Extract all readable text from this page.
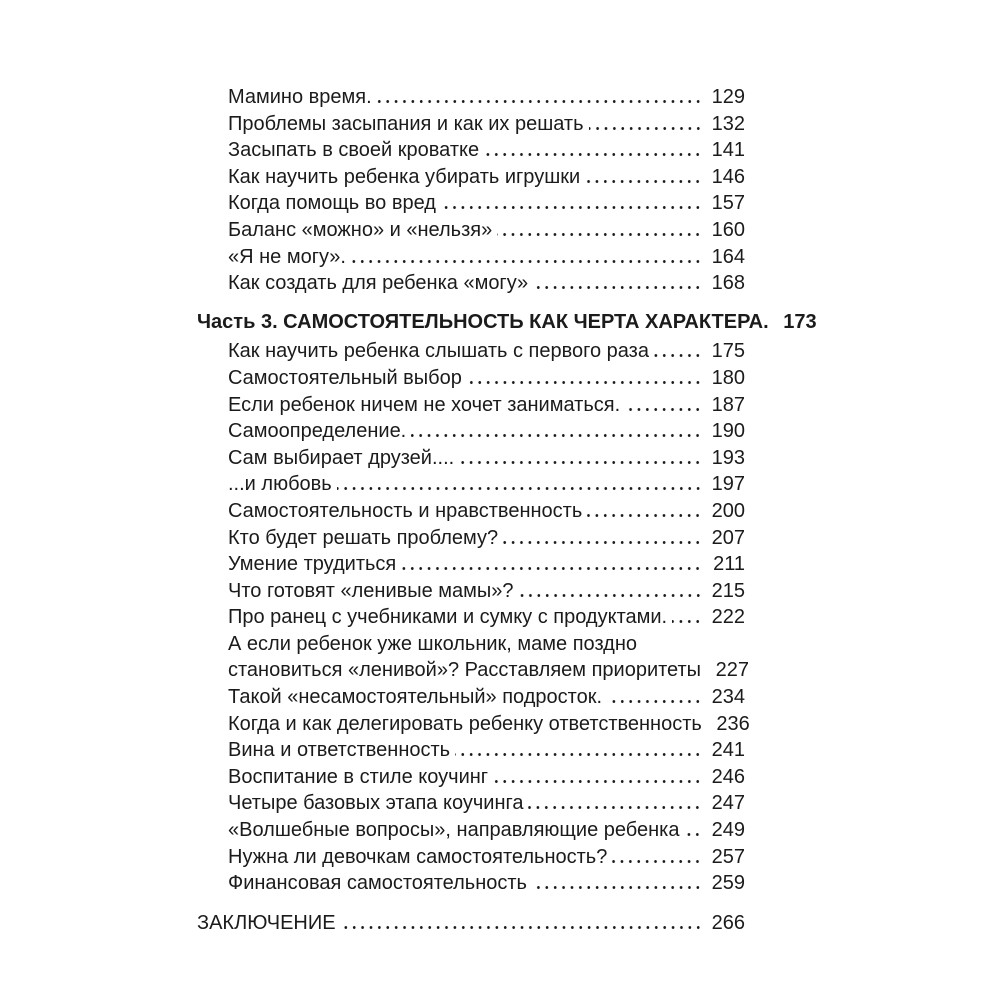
Мамино время.	129
Проблемы засыпания и как их решать	132
Засыпать в своей кроватке	141
Как научить ребенка убирать игрушки	146
Когда помощь во вред	157
Баланс «можно» и «нельзя»	160
«Я не могу».	164
Как создать для ребенка «могу»	168
Часть 3. САМОСТОЯТЕЛЬНОСТЬ КАК ЧЕРТА ХАРАКТЕРА. 173
Как научить ребенка слышать с первого раза	175
Самостоятельный выбор	180
Если ребенок ничем не хочет заниматься.	187
Самоопределение.	190
Сам выбирает друзей....	193
...и любовь	197
Самостоятельность и нравственность	200
Кто будет решать проблему?	207
Умение трудиться	211
Что готовят «ленивые мамы»?	215
Про ранец с учебниками и сумку с продуктами. 222
А если ребенок уже школьник, маме поздно
становиться «ленивой»? Расставляем приоритеты 227
Такой «несамостоятельный» подросток.	234
Когда и как делегировать ребенку ответственность 236
Вина и ответственность	241
Воспитание в стиле коучинг	246
Четыре базовых этапа коучинга	247
«Волшебные вопросы», направляющие ребенка 249
Нужна ли девочкам самостоятельность?	257
Финансовая самостоятельность	259
ЗАКЛЮЧЕНИЕ	266
